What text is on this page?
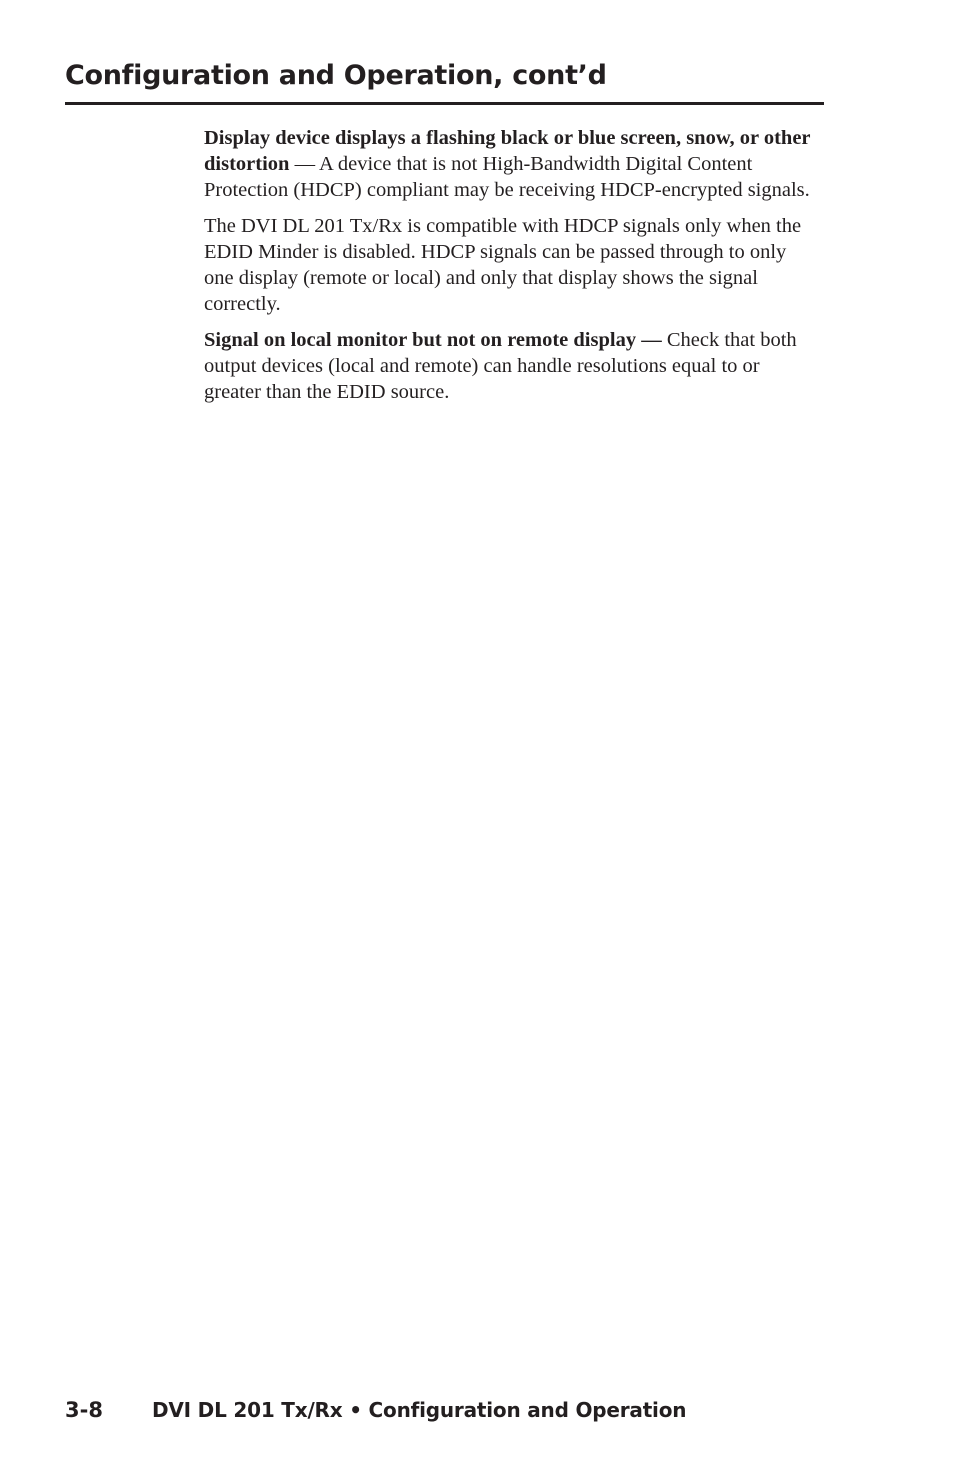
Configuration and Operation, cont’d

Display device displays a flashing black or blue screen, snow, or other distortion — A device that is not High-Bandwidth Digital Content Protection (HDCP) compliant may be receiving HDCP-encrypted signals.

The DVI DL 201 Tx/Rx is compatible with HDCP signals only when the EDID Minder is disabled. HDCP signals can be passed through to only one display (remote or local) and only that display shows the signal correctly.

Signal on local monitor but not on remote display — Check that both output devices (local and remote) can handle resolutions equal to or greater than the EDID source.

3-8 DVI DL 201 Tx/Rx • Configuration and Operation
